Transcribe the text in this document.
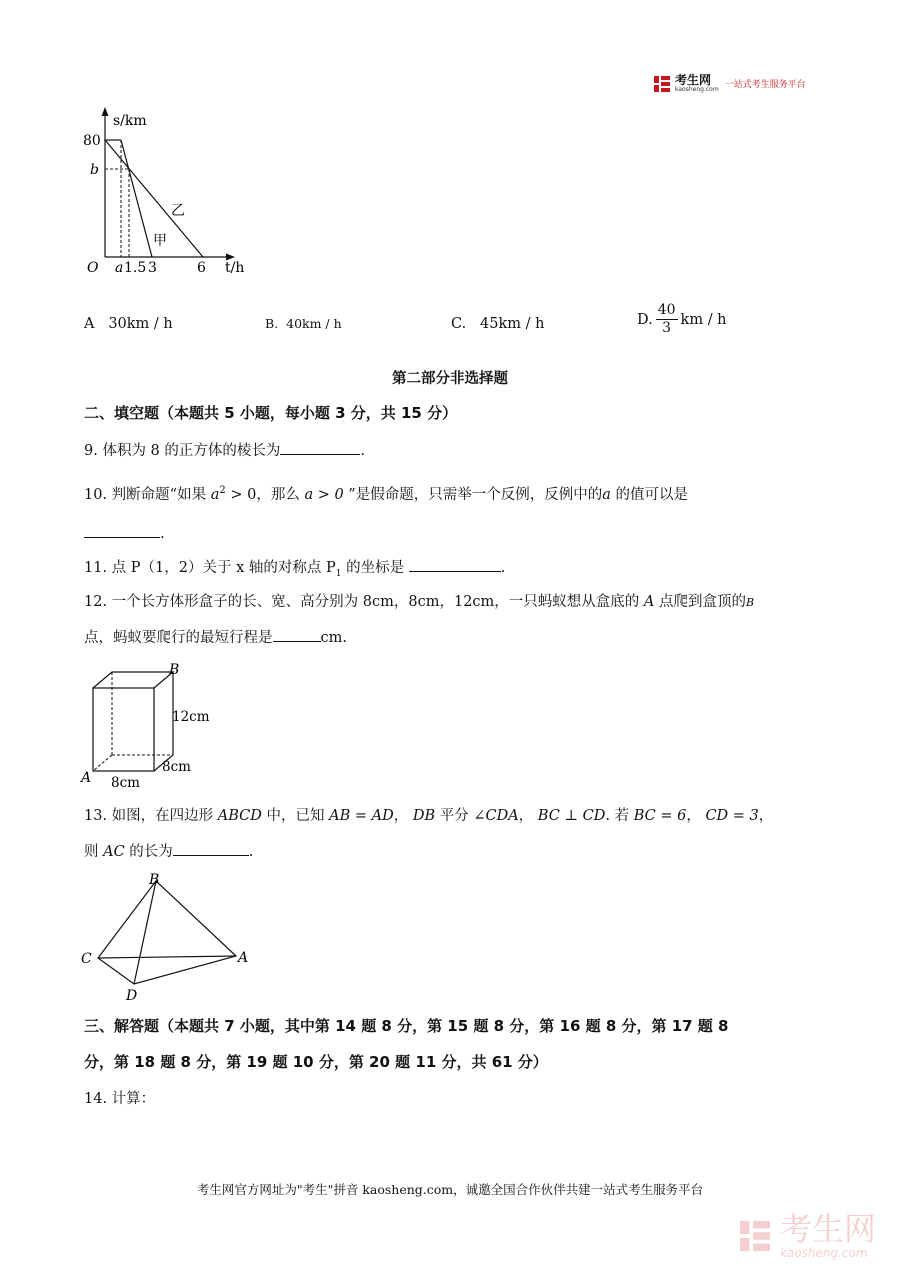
考生网
kaosheng.com 一站式考生服务平台
s/km
t/h
O
80
b
a 1.5 3	6
乙
甲
A 30km / h	B. 40km / h	C. 45km / h	D. $\frac{40}{3}$ km / h
第二部分非选择题
二、填空题（本题共 5 小题，每小题 3 分，共 15 分）
9. 体积为 8 的正方体的棱长为	.
10. 判断命题“如果 $a^2 > 0$，那么 a > 0 ”是假命题，只需举一个反例，反例中的a 的值可以是
.
11. 点 P（1，2）关于 x 轴的对称点 $P_1$ 的坐标是	.
12. 一个长方体形盒子的长、宽、高分别为 8cm，8cm，12cm，一只蚂蚁想从盒底的 A 点爬到盒顶的B
点，蚂蚁要爬行的最短行程是	cm.
B
A
12cm
8cm
8cm
13. 如图，在四边形 ABCD 中，已知 AB = AD， DB 平分 ∠CDA， BC ⊥ CD. 若 BC = 6， CD = 3，
则 AC 的长为	.
B
C	A
D
三、解答题（本题共 7 小题，其中第 14 题 8 分，第 15 题 8 分，第 16 题 8 分，第 17 题 8
分，第 18 题 8 分，第 19 题 10 分，第 20 题 11 分，共 61 分）
14. 计算：
考生网官方网址为"考生"拼音 kaosheng.com，诚邀全国合作伙伴共建一站式考生服务平台
考生网
kaosheng.com
